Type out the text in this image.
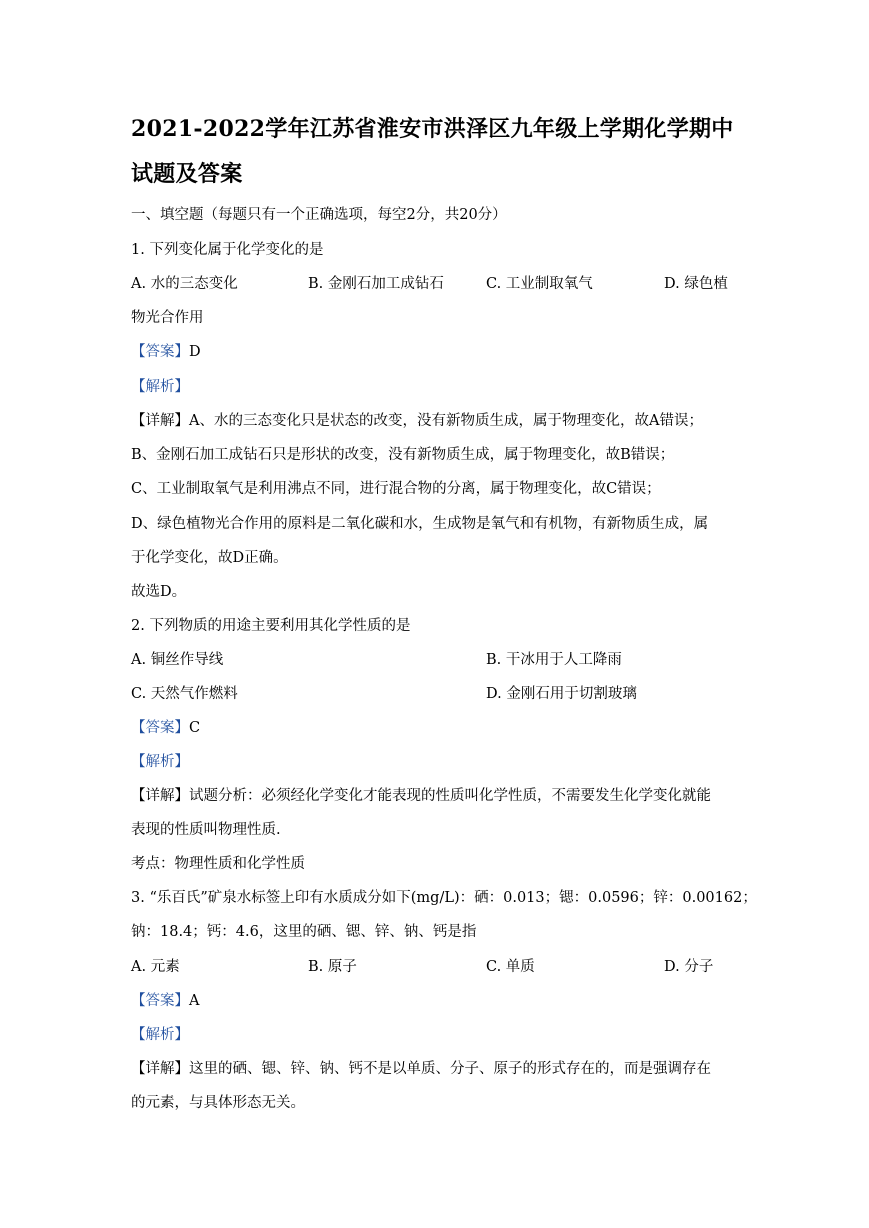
2021-2022学年江苏省淮安市洪泽区九年级上学期化学期中
试题及答案
一、填空题（每题只有一个正确选项，每空2分，共20分）
1. 下列变化属于化学变化的是
A. 水的三态变化	B. 金刚石加工成钻石	C. 工业制取氧气	D. 绿色植
物光合作用
【答案】D
【解析】
【详解】A、水的三态变化只是状态的改变，没有新物质生成，属于物理变化，故A错误；
B、金刚石加工成钻石只是形状的改变，没有新物质生成，属于物理变化，故B错误；
C、工业制取氧气是利用沸点不同，进行混合物的分离，属于物理变化，故C错误；
D、绿色植物光合作用的原料是二氧化碳和水，生成物是氧气和有机物，有新物质生成，属
于化学变化，故D正确。
故选D。
2. 下列物质的用途主要利用其化学性质的是
A. 铜丝作导线	B. 干冰用于人工降雨
C. 天然气作燃料	D. 金刚石用于切割玻璃
【答案】C
【解析】
【详解】试题分析：必须经化学变化才能表现的性质叫化学性质，不需要发生化学变化就能
表现的性质叫物理性质.
考点：物理性质和化学性质
3. “乐百氏”矿泉水标签上印有水质成分如下(mg/L)：硒：0.013；锶：0.0596；锌：0.00162；
钠：18.4；钙：4.6，这里的硒、锶、锌、钠、钙是指
A. 元素	B. 原子	C. 单质	D. 分子
【答案】A
【解析】
【详解】这里的硒、锶、锌、钠、钙不是以单质、分子、原子的形式存在的，而是强调存在
的元素，与具体形态无关。
